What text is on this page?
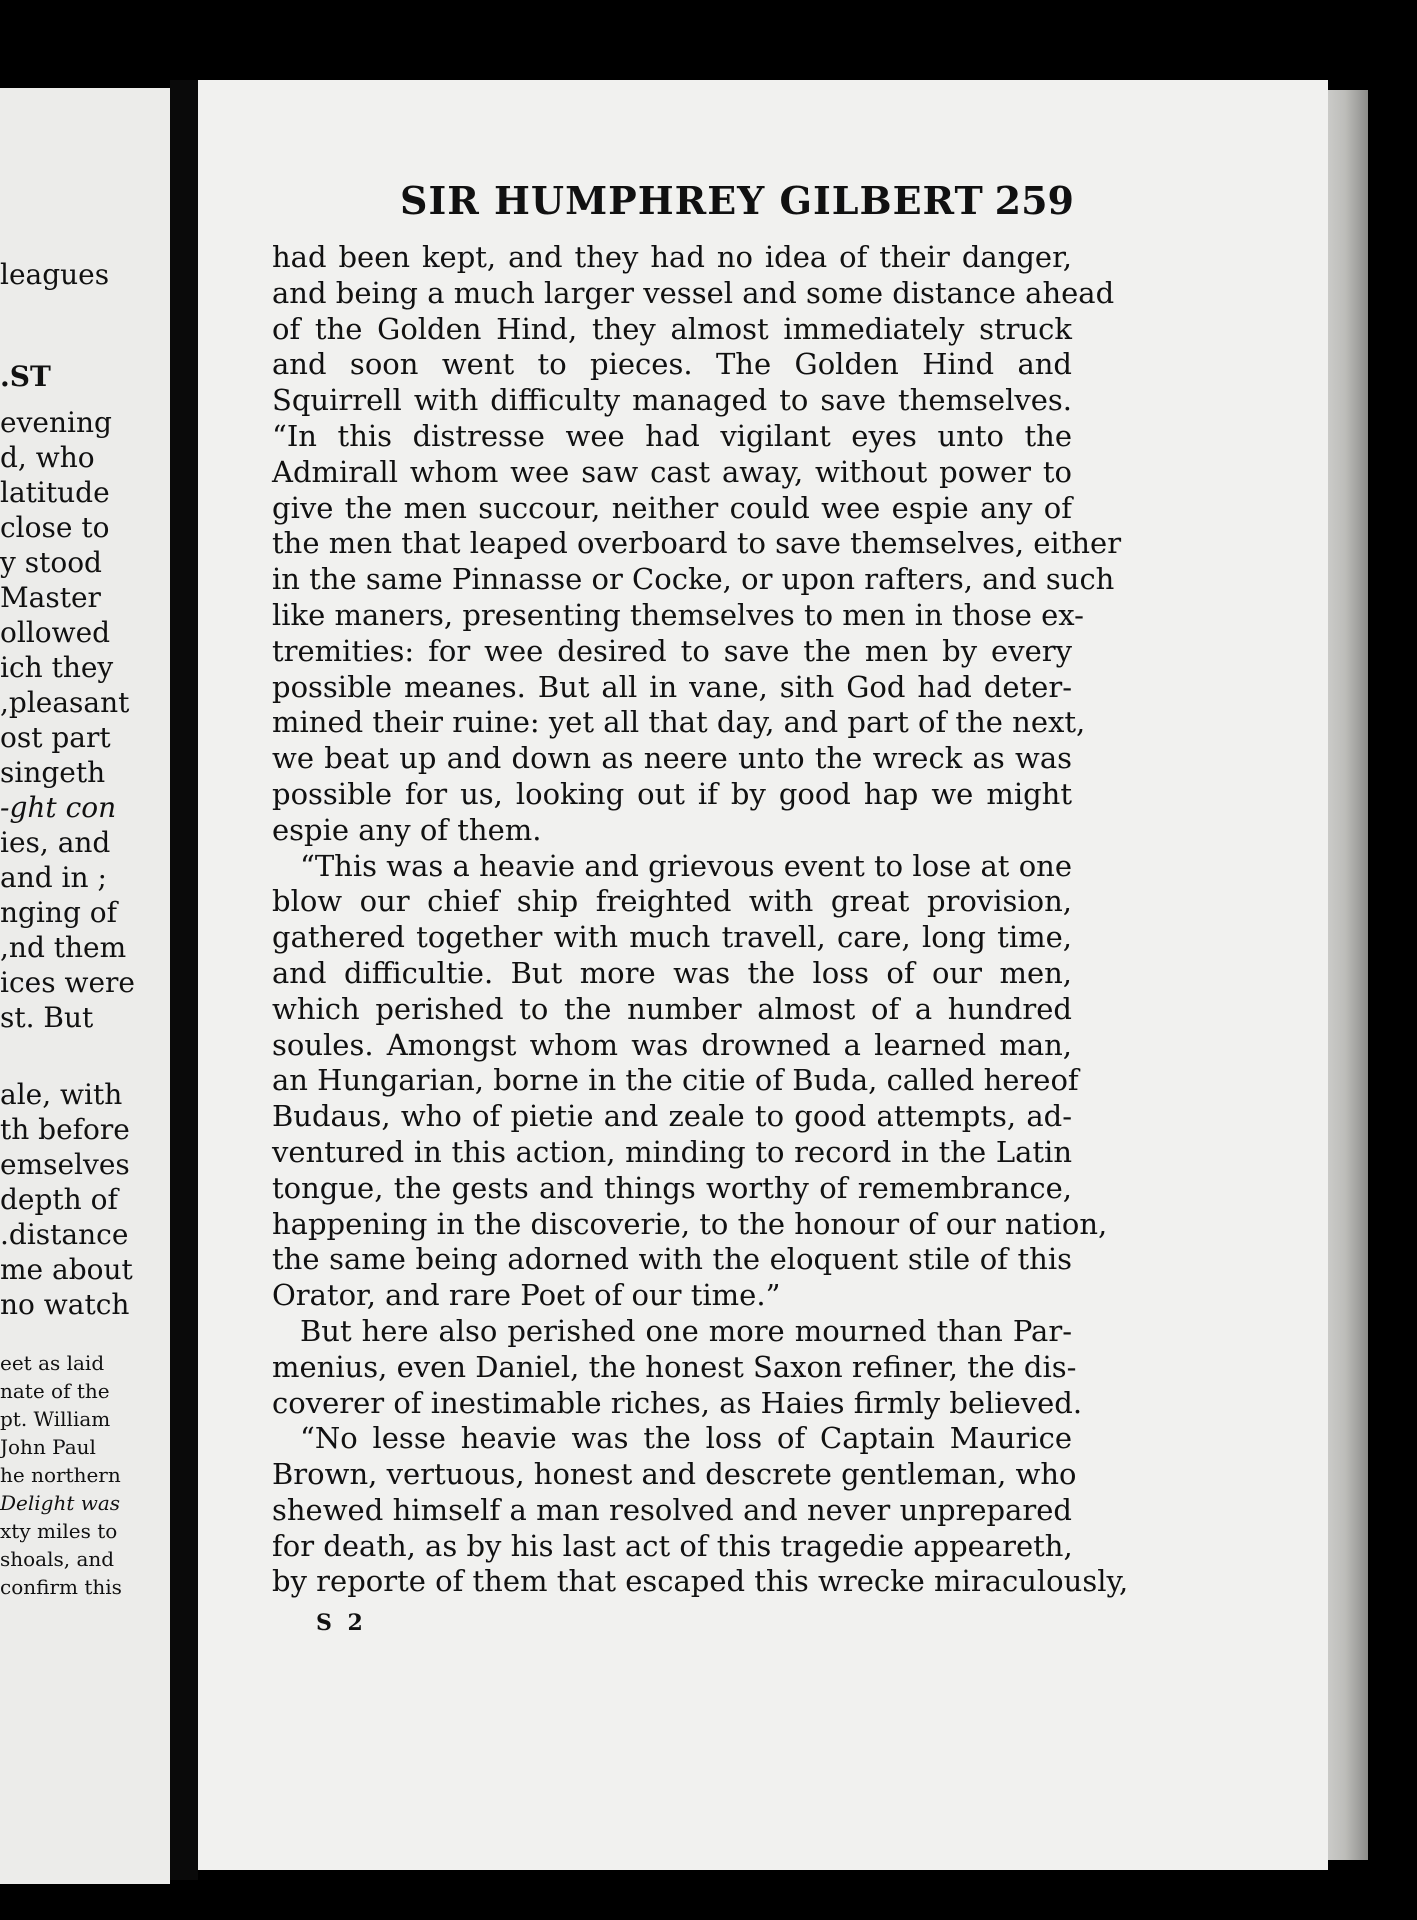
leagues
ST.
evening
d, who
latitude
close to
y stood
Master
ollowed
ich they
pleasant,
ost part
singeth
ght con-
ies, and
; and in
nging of
nd them,
ices were
st. But
ale, with
th before
emselves
depth of
distance.
me about
no watch
eet as laid
nate of the
pt. William
John Paul
he northern
Delight was
xty miles to
shoals, and
confirm this
SIR HUMPHREY GILBERT 259
had been kept, and they had no idea of their danger,
and being a much larger vessel and some distance ahead
of the Golden Hind, they almost immediately struck
and soon went to pieces. The Golden Hind and
Squirrell with difficulty managed to save themselves.
“In this distresse wee had vigilant eyes unto the
Admirall whom wee saw cast away, without power to
give the men succour, neither could wee espie any of
the men that leaped overboard to save themselves, either
in the same Pinnasse or Cocke, or upon rafters, and such
like maners, presenting themselves to men in those ex-
tremities: for wee desired to save the men by every
possible meanes. But all in vane, sith God had deter-
mined their ruine: yet all that day, and part of the next,
we beat up and down as neere unto the wreck as was
possible for us, looking out if by good hap we might
espie any of them.
“This was a heavie and grievous event to lose at one
blow our chief ship freighted with great provision,
gathered together with much travell, care, long time,
and difficultie. But more was the loss of our men,
which perished to the number almost of a hundred
soules. Amongst whom was drowned a learned man,
an Hungarian, borne in the citie of Buda, called hereof
Budaus, who of pietie and zeale to good attempts, ad-
ventured in this action, minding to record in the Latin
tongue, the gests and things worthy of remembrance,
happening in the discoverie, to the honour of our nation,
the same being adorned with the eloquent stile of this
Orator, and rare Poet of our time.”
But here also perished one more mourned than Par-
menius, even Daniel, the honest Saxon refiner, the dis-
coverer of inestimable riches, as Haies firmly believed.
“No lesse heavie was the loss of Captain Maurice
Brown, vertuous, honest and descrete gentleman, who
shewed himself a man resolved and never unprepared
for death, as by his last act of this tragedie appeareth,
by reporte of them that escaped this wrecke miraculously,
S 2
